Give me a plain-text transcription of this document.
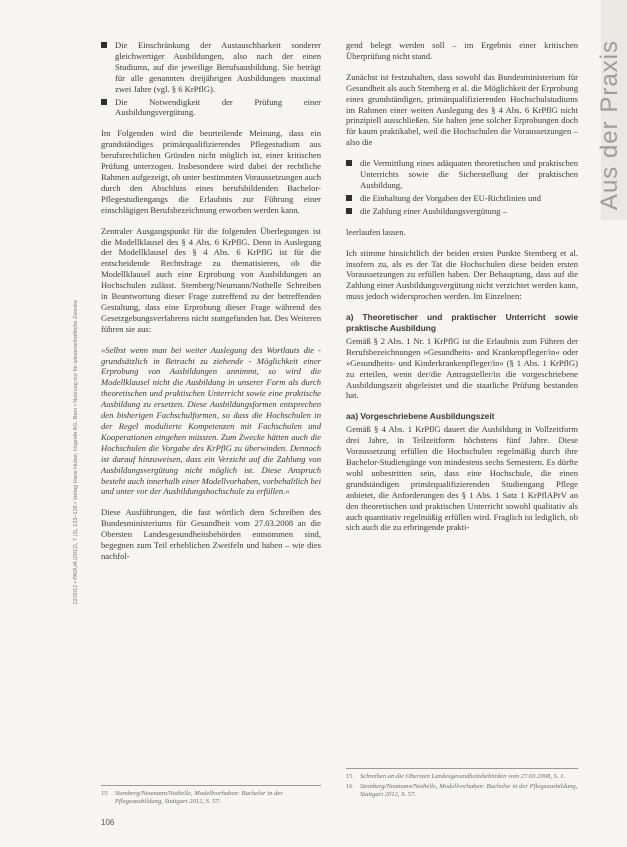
Aus der Praxis
12/2012 • PADUA (2012), 7 (3), 123–126 • Verlag Hans Huber, Hogrefe AG, Bern • Nutzung nur für wissenschaftliche Zwecke
Die Einschränkung der Austauschbarkeit sonderer gleichwertiger Ausbildungen, also nach der einen Studiums, auf die jeweilige Berufsausbildung. Sie beträgt für alle genannten dreijährigen Ausbildungen maximal zwei Jahre (vgl. § 6 KrPflG).
Die Notwendigkeit der Prüfung einer Ausbildungsvergütung.

Im Folgenden wird die beurteilende Meinung, dass ein grundständiges primärqualifizierendes Pflegestudium aus berufsrechtlichen Gründen nicht möglich ist, einer kritischen Prüfung unterzogen. Insbesondere wird dabei der rechtliche Rahmen aufgezeigt, ob unter bestimmten Voraussetzungen auch durch den Abschluss eines berufsbildenden Bachelor-Pflegestudiengangs die Erlaubnis zur Führung einer einschlägigen Berufsbezeichnung erworben werden kann.

Zentraler Ausgangspunkt für die folgenden Überlegungen ist die Modellklausel des § 4 Abs. 6 KrPflG. Denn in Auslegung der Modellklausel des § 4 Abs. 6 KrPflG ist für die entscheidende Rechtsfrage zu thematisieren, ob die Modellklausel auch eine Erprobung von Ausbildungen an Hochschulen zulässt. Stemberg/Neumann/Nothelle Schreiben in Beantwortung dieser Frage zutreffend zu der betreffenden Gestaltung, dass eine Erprobung dieser Frage während des Gesetzgebungsverfahrens nicht stattgefunden hat. Des Weiteren führen sie aus:

»Selbst wenn man bei weiter Auslegung des Wortlauts die - grundsätzlich in Betracht zu ziehende - Möglichkeit einer Erprobung von Ausbildungen annimmt, so wird die Modellklausel nicht die Ausbildung in unserer Form als durch theoretischen und praktischen Unterricht sowie eine praktische Ausbildung zu ersetzen. Diese Ausbildungsformen entsprechen den bisherigen Fachschulformen, so dass die Hochschulen in der Regel modulierte Kompetenzen mit Fachschulen und Kooperationen eingehen müssten. Zum Zwecke hätten auch die Hochschulen die Vorgabe des KrPflG zu überwinden. Dennoch ist darauf hinzuweisen, dass ein Verzicht auf die Zahlung von Ausbildungsvergütung nicht möglich ist. Diese Anspruch besteht auch innerhalb einer Modellvorhaben, vorbehaltlich bei und unter vor der Ausbildungshochschule zu erfüllen.«

Diese Ausführungen, die fast wörtlich dem Schreiben des Bundesministeriums für Gesundheit vom 27.03.2008 an die Obersten Landesgesundheitsbehörden entnommen sind, begegnen zum Teil erheblichen Zweifeln und haben – wie dies nachfol-

gend belegt werden soll – im Ergebnis einer kritischen Überprüfung nicht stand.

Zunächst ist festzuhalten, dass sowohl das Bundesministerium für Gesundheit als auch Stemberg et al. die Möglichkeit der Erprobung eines grundständigen, primärqualifizierenden Hochschulstudiums im Rahmen einer weiten Auslegung des § 4 Abs. 6 KrPflG nicht prinzipiell ausschließen. Sie halten jene solcher Erprobungen doch für kaum praktikabel, weil die Hochschulen die Voraussetzungen – also die

die Vermittlung eines adäquaten theoretischen und praktischen Unterrichts sowie die Sicherstellung der praktischen Ausbildung,
die Einhaltung der Vorgaben der EU-Richtlinien und
die Zahlung einer Ausbildungsvergütung –

leerlaufen lassen.

Ich stimme hinsichtlich der beiden ersten Punkte Stemberg et al. insofern zu, als es der Tat die Hochschulen diese beiden ersten Voraussetzungen zu erfüllen haben. Der Behauptung, dass auf die Zahlung einer Ausbildungsvergütung nicht verzichtet werden kann, muss jedoch widersprochen werden. Im Einzelnen:

a) Theoretischer und praktischer Unterricht sowie praktische Ausbildung

Gemäß § 2 Abs. 1 Nr. 1 KrPflG ist die Erlaubnis zum Führen der Berufsbezeichnungen »Gesundheits- und Krankenpfleger/in« oder »Gesundheits- und Kinderkrankenpfleger/in« (§ 1 Abs. 1 KrPflG) zu erteilen, wenn der/die Antragsteller/in die vorgeschriebene Ausbildungszeit abgeleistet und die staatliche Prüfung bestanden hat.

aa) Vorgeschriebene Ausbildungszeit

Gemäß § 4 Abs. 1 KrPflG dauert die Ausbildung in Vollzeitform drei Jahre, in Teilzeitform höchstens fünf Jahre. Diese Voraussetzung erfüllen die Hochschulen regelmäßig durch ihre Bachelor-Studiengänge von mindestens sechs Semestern. Es dürfte wohl unbestritten sein, dass eine Hochschule, die einen grundständigen primärqualifizierenden Studiengang Pflege anbietet, die Anforderungen des § 1 Abs. 1 Satz 1 KrPflAPrV an den theoretischen und praktischen Unterricht sowohl qualitativ als auch quantitativ regelmäßig erfüllen wird. Fraglich ist lediglich, ob sich auch die zu erbringende prakti-

15 Stemberg/Neumann/Nothelle, Modellvorhaben: Bachelor in der Pflegeausbildung, Stuttgart 2012, S. 57.
15 Schreiben an die Obersten Landesgesundheitsbehörden vom 27.03.2008, S. 1.
16 Stemberg/Neumann/Nothelle, Modellvorhaben: Bachelor in der Pflegeausbildung, Stuttgart 2012, S. 57.
106
